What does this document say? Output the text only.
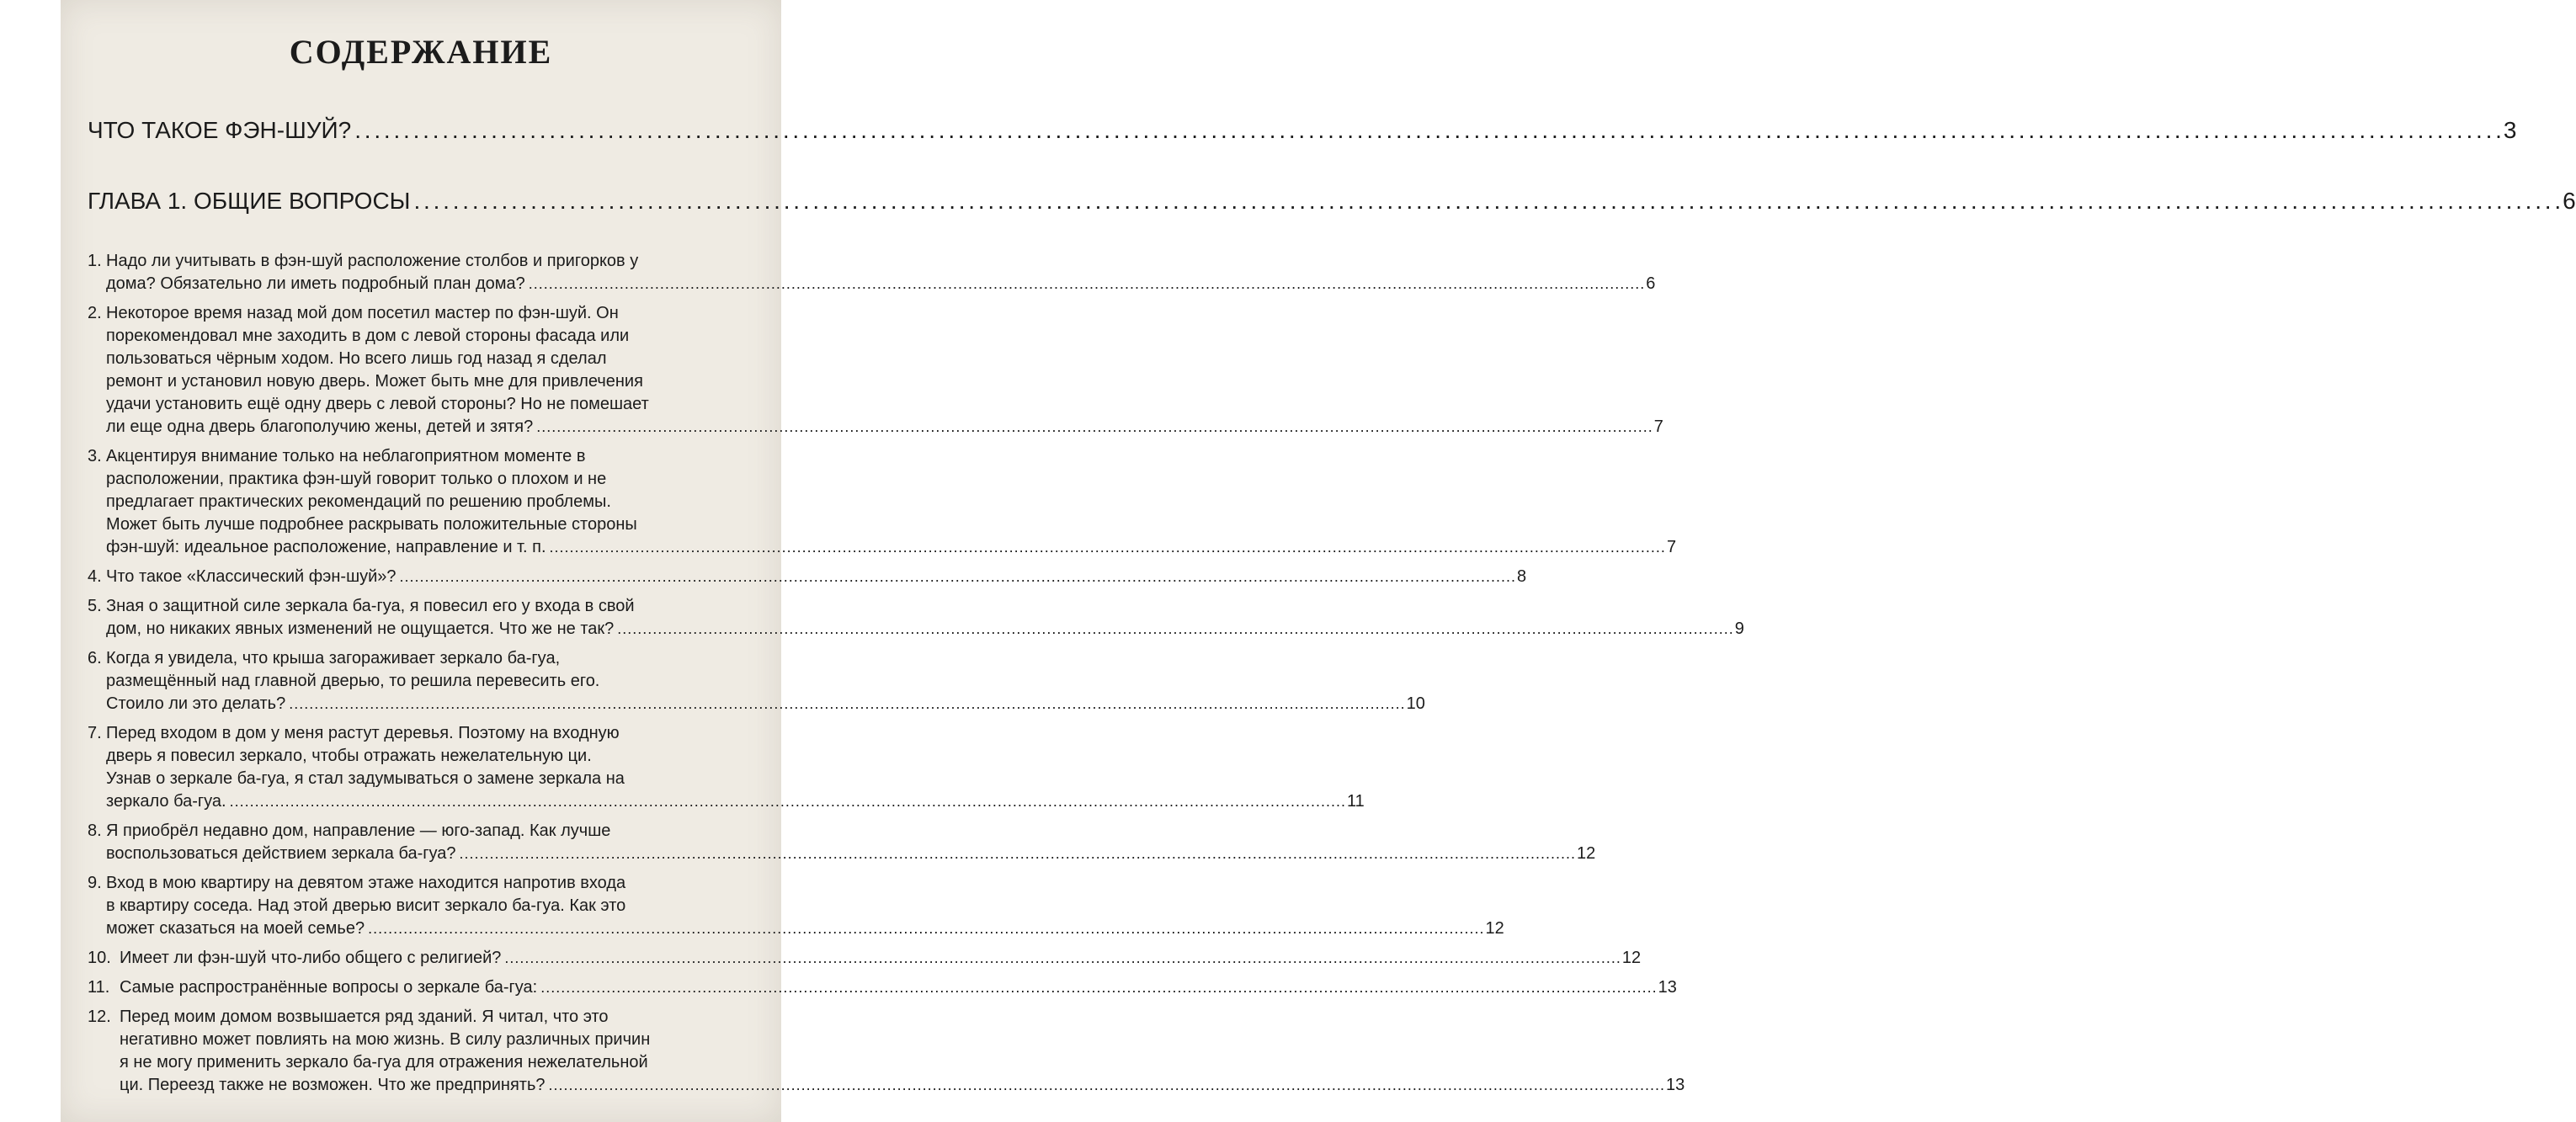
СОДЕРЖАНИЕ
ЧТО ТАКОЕ ФЭН-ШУЙ? . . .	3
ГЛАВА 1. ОБЩИЕ ВОПРОСЫ . . .	6
1. Надо ли учитывать в фэн-шуй расположение столбов и пригорков у
дома? Обязательно ли иметь подробный план дома? . . .	6
2. Некоторое время назад мой дом посетил мастер по фэн-шуй. Он
порекомендовал мне заходить в дом с левой стороны фасада или
пользоваться чёрным ходом. Но всего лишь год назад я сделал
ремонт и установил новую дверь. Может быть мне для привлечения
удачи установить ещё одну дверь с левой стороны? Но не помешает
ли еще одна дверь благополучию жены, детей и зятя? . . .	7
3. Акцентируя внимание только на неблагоприятном моменте в
расположении, практика фэн-шуй говорит только о плохом и не
предлагает практических рекомендаций по решению проблемы.
Может быть лучше подробнее раскрывать положительные стороны
фэн-шуй: идеальное расположение, направление и т. п. . . .	7
4. Что такое «Классический фэн-шуй»? . . .	8
5. Зная о защитной силе зеркала ба-гуа, я повесил его у входа в свой
дом, но никаких явных изменений не ощущается. Что же не так? . . .	9
6. Когда я увидела, что крыша загораживает зеркало ба-гуа,
размещённый над главной дверью, то решила перевесить его.
Стоило ли это делать? . . .	10
7. Перед входом в дом у меня растут деревья. Поэтому на входную
дверь я повесил зеркало, чтобы отражать нежелательную ци.
Узнав о зеркале ба-гуа, я стал задумываться о замене зеркала на
зеркало ба-гуа. . . .	11
8. Я приобрёл недавно дом, направление — юго-запад. Как лучше
воспользоваться действием зеркала ба-гуа? . . .	12
9. Вход в мою квартиру на девятом этаже находится напротив входа
в квартиру соседа. Над этой дверью висит зеркало ба-гуа. Как это
может сказаться на моей семье? . . .	12
10. Имеет ли фэн-шуй что-либо общего с религией? . . .	12
11. Самые распространённые вопросы о зеркале ба-гуа: . . .	13
12. Перед моим домом возвышается ряд зданий. Я читал, что это
негативно может повлиять на мою жизнь. В силу различных причин
я не могу применить зеркало ба-гуа для отражения нежелательной
ци. Переезд также не возможен. Что же предпринять? . . .	13
